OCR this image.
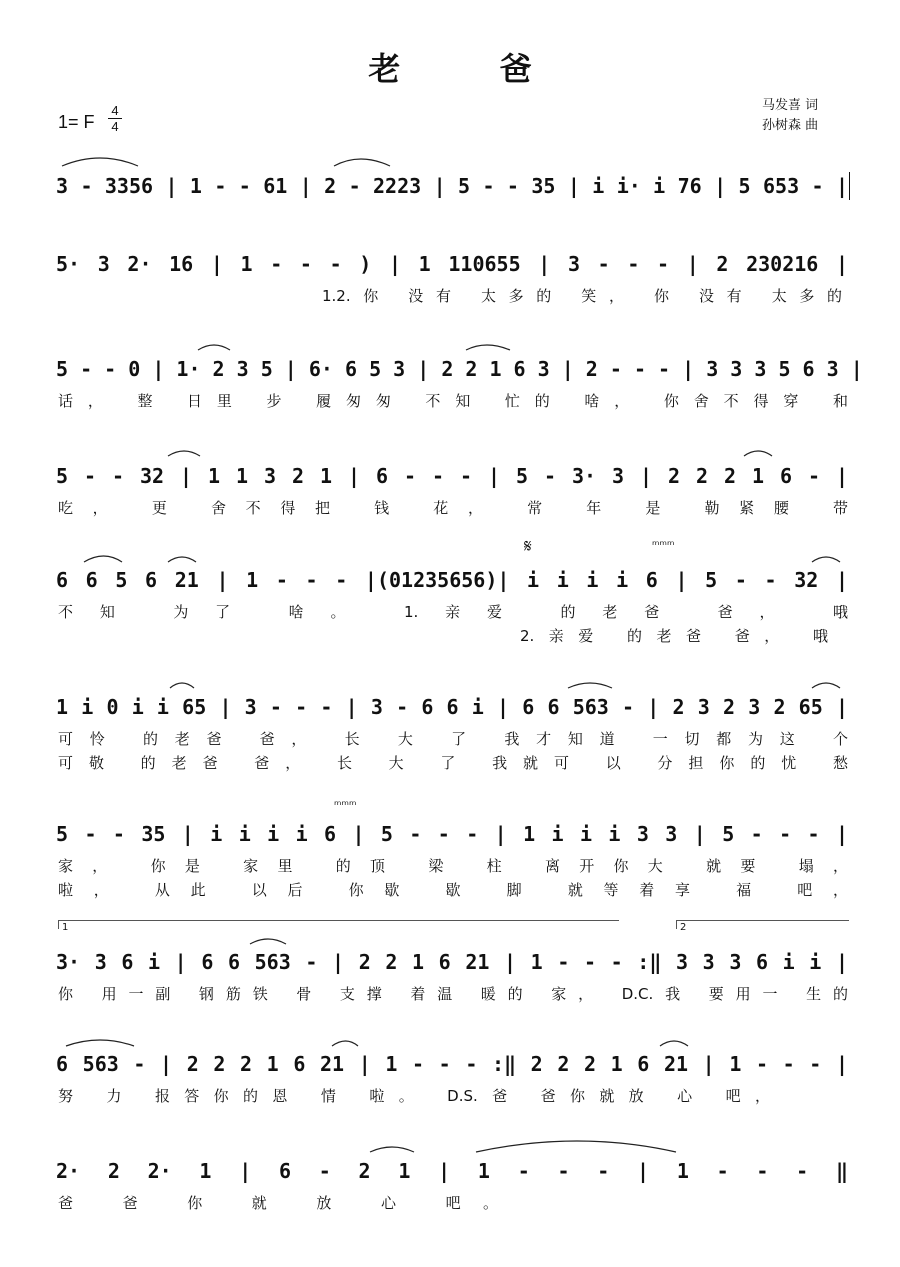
老 爸
1= F
4
4
马发喜 词
孙树森 曲
3 - 3356 | 1 - - 61 | 2 - 2223 | 5 - - 35 | i i· i 76 | 5 653 - |
5· 3 2· 16 | 1 - - - ) | 1 110655 | 3 - - - | 2 230216 |
1.2.你 没有 太多的 笑， 你 没有 太多的
5 - - 0 | 1· 2 3 5 | 6· 6 5 3 | 2 2 1 6 3 | 2 - - - | 3 3 3 5 6 3 |
话， 整 日里 步 履匆匆 不知 忙的 啥， 你舍不得穿 和
5 - - 32 | 1 1 3 2 1 | 6 - - - | 5 - 3· 3 | 2 2 2 1 6 - |
吃， 更 舍不得把 钱 花， 常 年 是 勒紧腰 带
𝄋	ᵐᵐᵐ
6 6 5 6 21 | 1 - - - |(01235656)| i i i i 6 | 5 - - 32 |
不知 为了 啥。 1.亲爱 的老爸 爸， 哦
2.亲爱 的老爸 爸， 哦
1 i 0 i i 65 | 3 - - - | 3 - 6 6 i | 6 6 563 - | 2 3 2 3 2 65 |
可怜 的老爸 爸， 长 大 了 我才知道 一切都为这 个
可敬 的老爸 爸， 长 大 了 我就可 以 分担你的忧 愁
ᵐᵐᵐ
5 - - 35 | i i i i 6 | 5 - - - | 1 i i i 3 3 | 5 - - - |
家， 你是 家里 的顶 梁 柱 离开你大 就要 塌，
啦， 从此 以后 你歇 歇 脚 就等着享 福 吧，
1	2
3· 3 6 i | 6 6 563 - | 2 2 1 6 21 | 1 - - - :‖ 3 3 3 6 i i |
你 用一副 钢筋铁 骨 支撑 着温 暖的 家， D.C.我 要用一 生的
6 563 - | 2 2 2 1 6 21 | 1 - - - :‖ 2 2 2 1 6 21 | 1 - - - |
努 力 报答你的恩 情 啦。 D.S.爸 爸你就放 心 吧，
2· 2 2· 1 | 6 - 2 1 | 1 - - - | 1 - - - ‖
爸 爸 你 就 放 心 吧。
